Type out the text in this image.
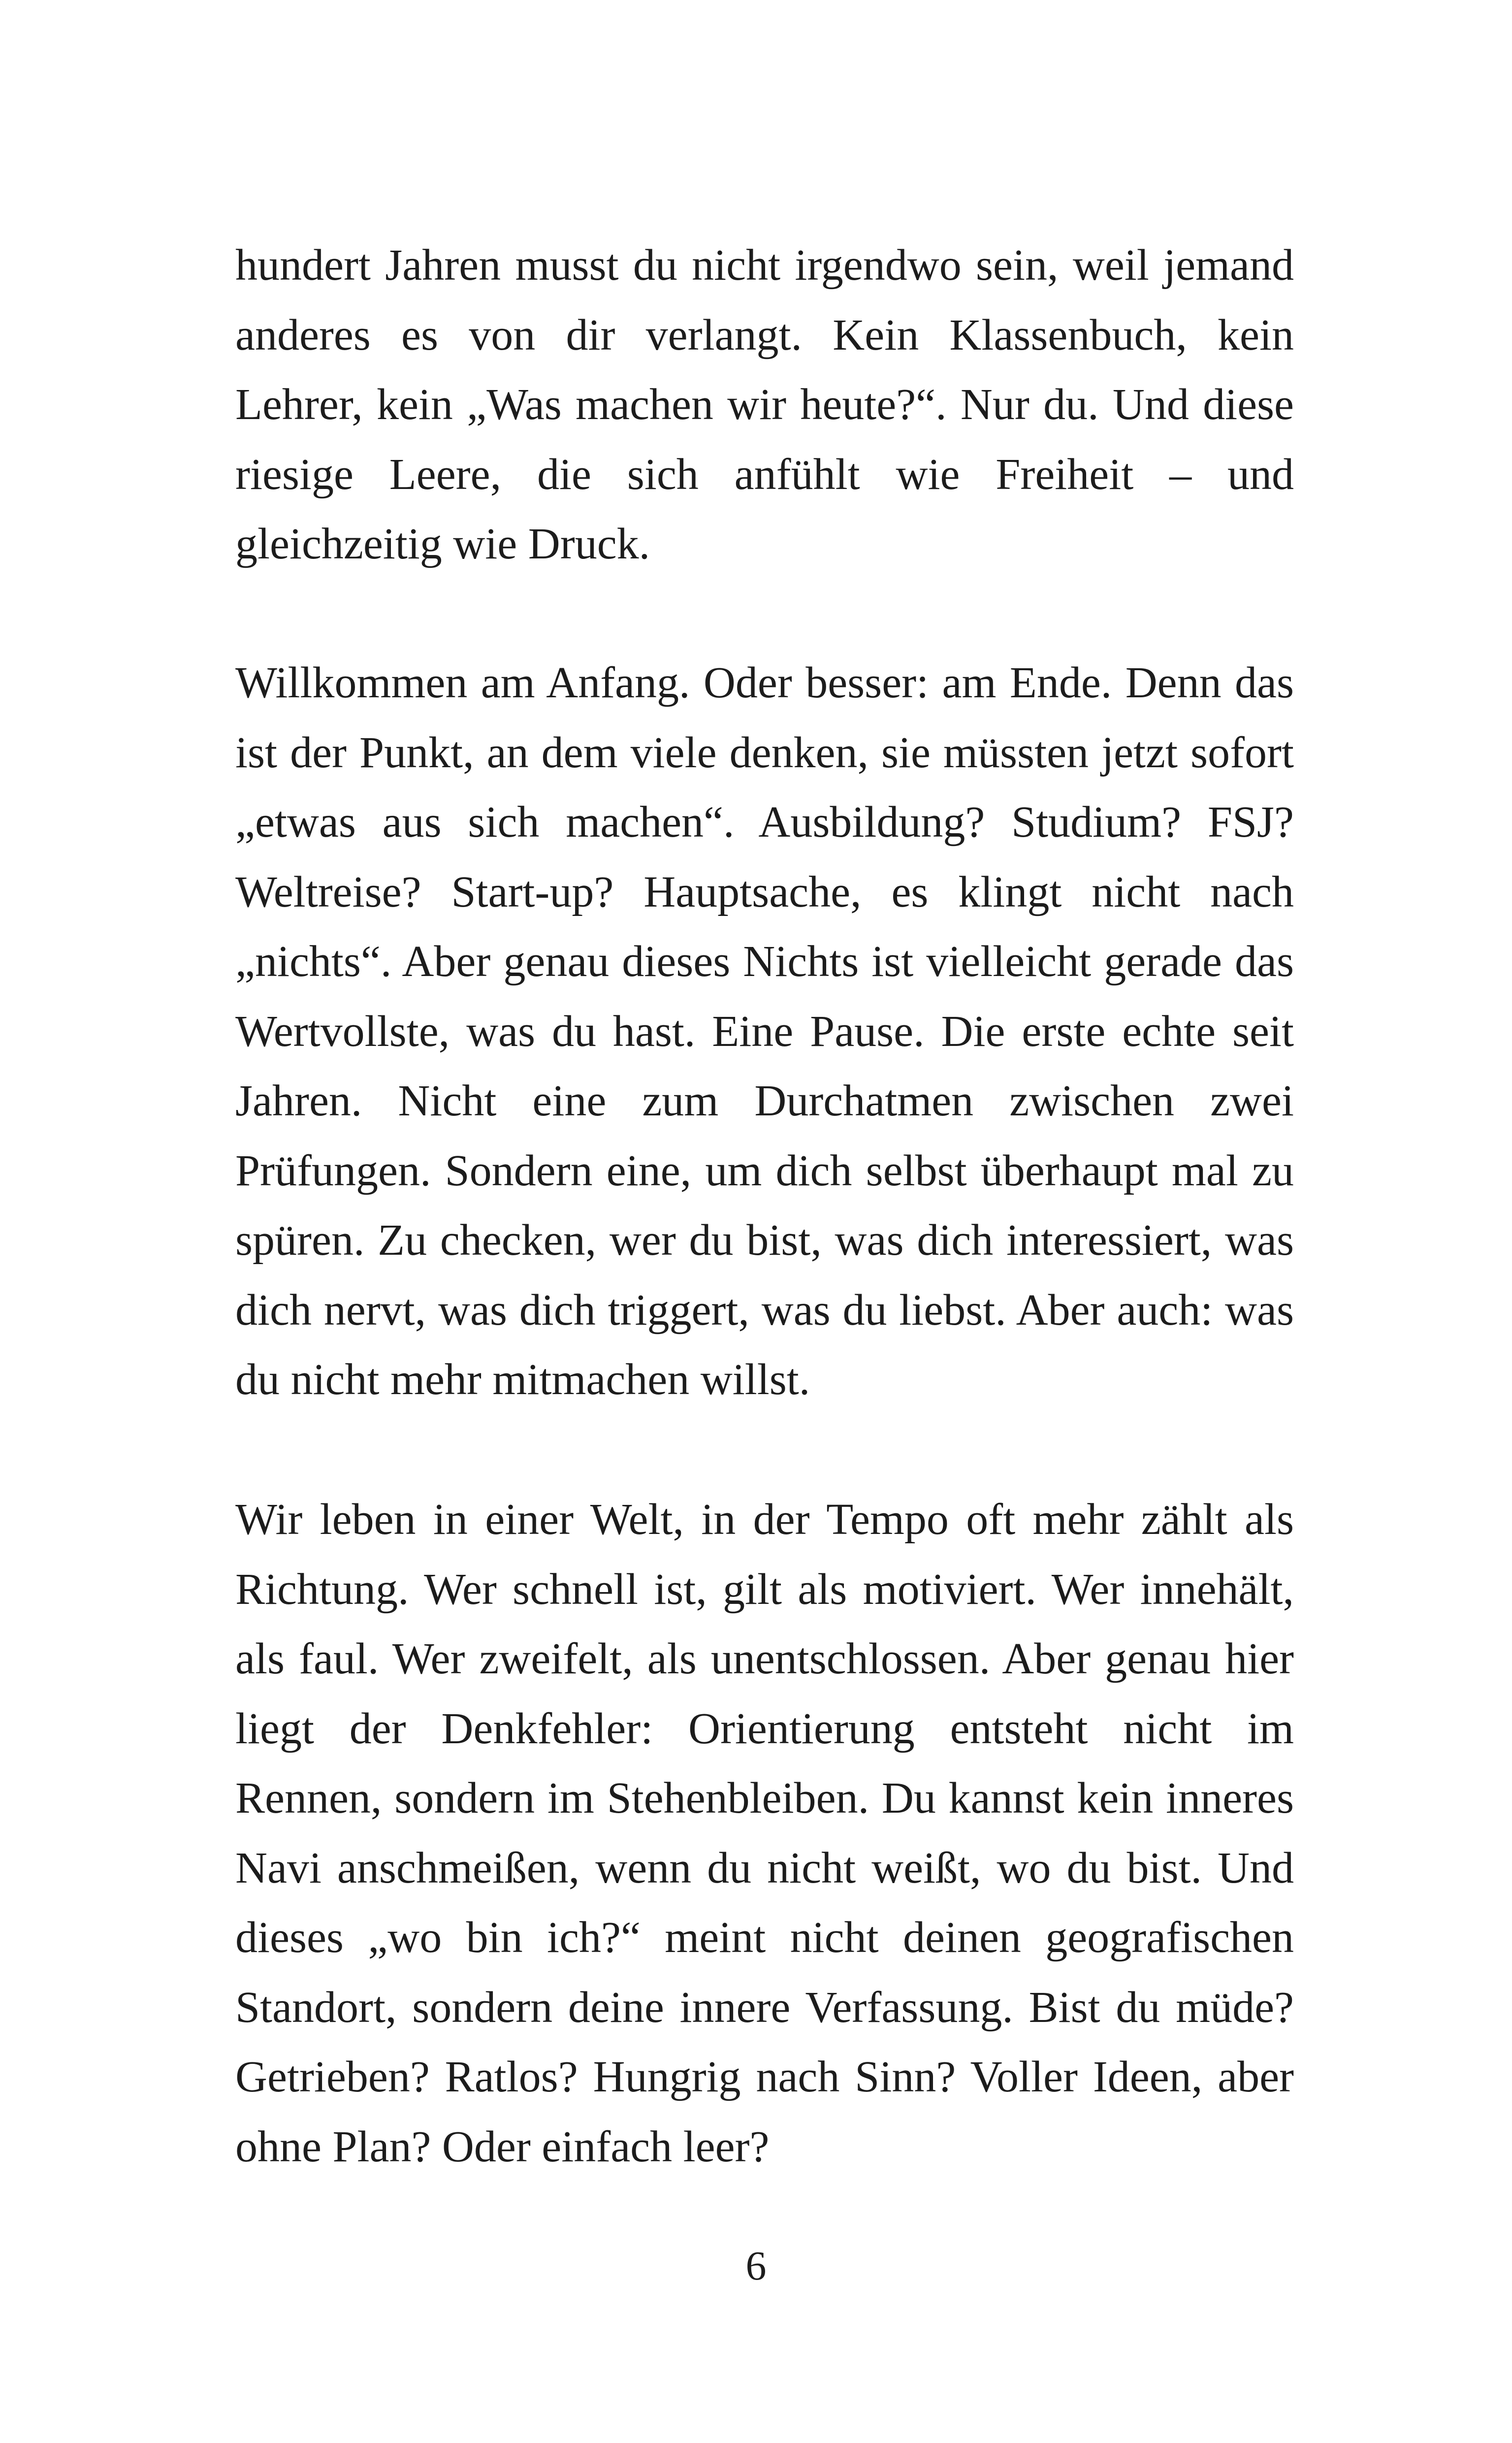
hundert Jahren musst du nicht irgendwo sein, weil jemand anderes es von dir verlangt. Kein Klassenbuch, kein Lehrer, kein „Was machen wir heute?“. Nur du. Und diese riesige Leere, die sich anfühlt wie Freiheit – und gleichzeitig wie Druck.

Willkommen am Anfang. Oder besser: am Ende. Denn das ist der Punkt, an dem viele denken, sie müssten jetzt sofort „etwas aus sich machen“. Ausbildung? Studium? FSJ? Weltreise? Start-up? Hauptsache, es klingt nicht nach „nichts“. Aber genau dieses Nichts ist vielleicht gerade das Wertvollste, was du hast. Eine Pause. Die erste echte seit Jahren. Nicht eine zum Durchatmen zwischen zwei Prüfungen. Sondern eine, um dich selbst überhaupt mal zu spüren. Zu checken, wer du bist, was dich interessiert, was dich nervt, was dich triggert, was du liebst. Aber auch: was du nicht mehr mitmachen willst.

Wir leben in einer Welt, in der Tempo oft mehr zählt als Richtung. Wer schnell ist, gilt als motiviert. Wer innehält, als faul. Wer zweifelt, als unentschlossen. Aber genau hier liegt der Denkfehler: Orientierung entsteht nicht im Rennen, sondern im Stehenbleiben. Du kannst kein inneres Navi anschmeißen, wenn du nicht weißt, wo du bist. Und dieses „wo bin ich?“ meint nicht deinen geografischen Standort, sondern deine innere Verfassung. Bist du müde? Getrieben? Ratlos? Hungrig nach Sinn? Voller Ideen, aber ohne Plan? Oder einfach leer?

6
